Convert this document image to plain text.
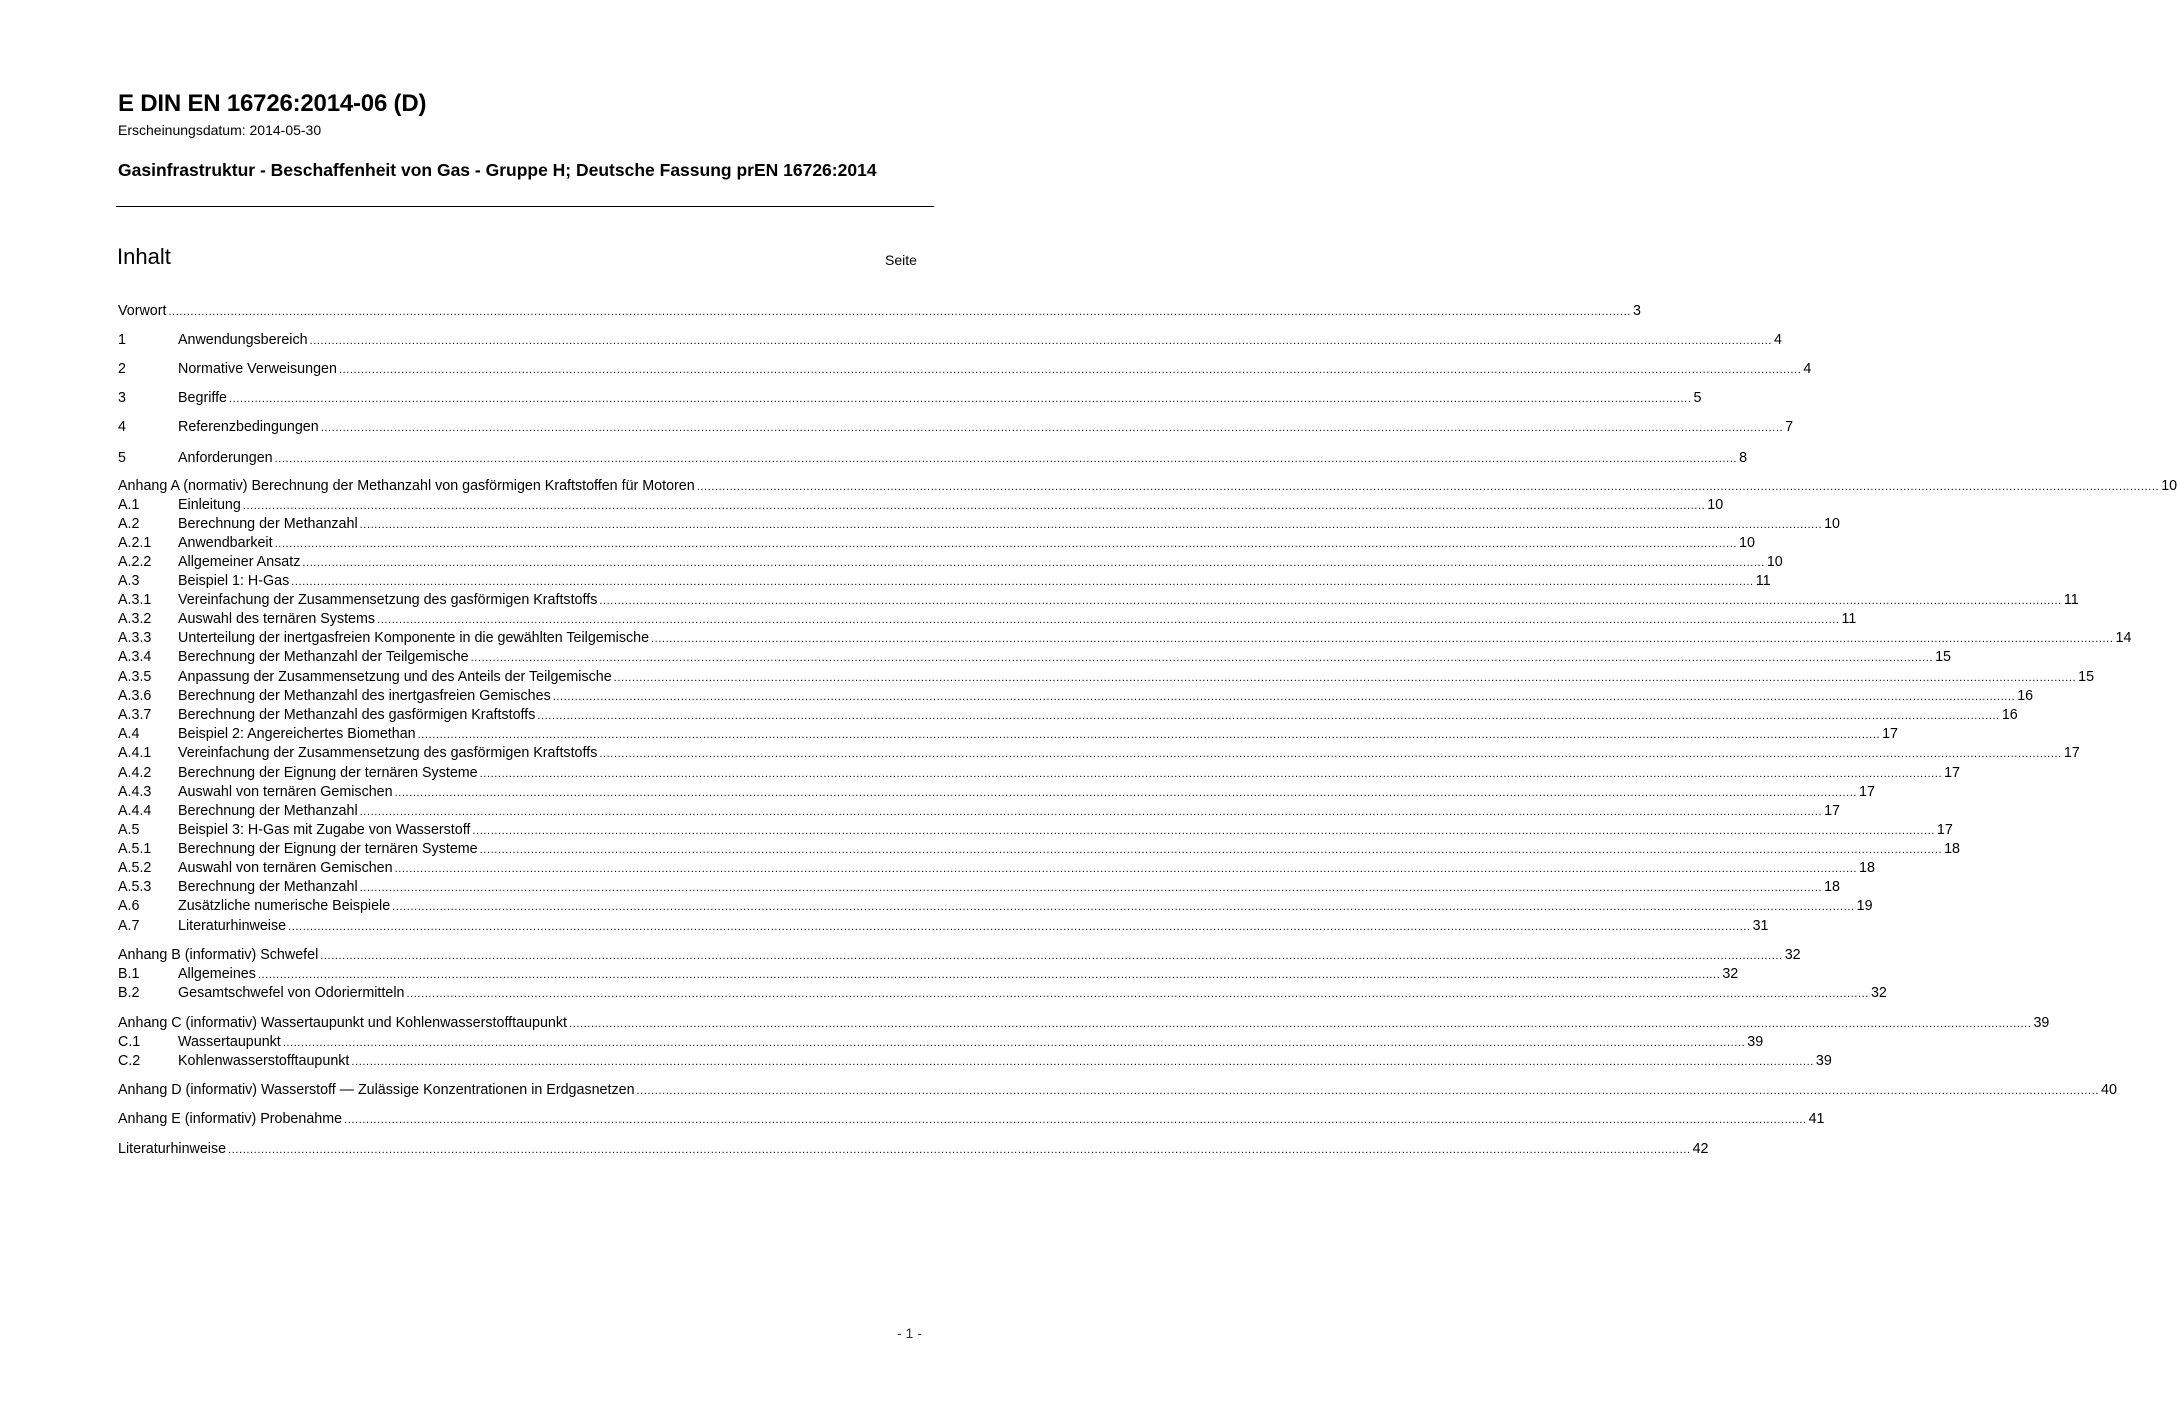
E DIN EN 16726:2014-06 (D)
Erscheinungsdatum: 2014-05-30
Gasinfrastruktur - Beschaffenheit von Gas - Gruppe H; Deutsche Fassung prEN 16726:2014
Inhalt	Seite
Vorwort ................................................................................................................................................................................................................................................................................................................................................................................................................ 3
1	Anwendungsbereich ................................................................................................................................................................................................................................................................................................................................................................................................................ 4
2	Normative Verweisungen ................................................................................................................................................................................................................................................................................................................................................................................................................ 4
3	Begriffe ................................................................................................................................................................................................................................................................................................................................................................................................................ 5
4	Referenzbedingungen ................................................................................................................................................................................................................................................................................................................................................................................................................ 7
5	Anforderungen ................................................................................................................................................................................................................................................................................................................................................................................................................ 8
Anhang A (normativ) Berechnung der Methanzahl von gasförmigen Kraftstoffen für Motoren ................................................................................................................................................................................................................................................................................................................................................................................................................ 10
A.1	Einleitung ................................................................................................................................................................................................................................................................................................................................................................................................................ 10
A.2	Berechnung der Methanzahl ................................................................................................................................................................................................................................................................................................................................................................................................................ 10
A.2.1	Anwendbarkeit ................................................................................................................................................................................................................................................................................................................................................................................................................ 10
A.2.2	Allgemeiner Ansatz ................................................................................................................................................................................................................................................................................................................................................................................................................ 10
A.3	Beispiel 1: H-Gas ................................................................................................................................................................................................................................................................................................................................................................................................................ 11
A.3.1	Vereinfachung der Zusammensetzung des gasförmigen Kraftstoffs ................................................................................................................................................................................................................................................................................................................................................................................................................ 11
A.3.2	Auswahl des ternären Systems ................................................................................................................................................................................................................................................................................................................................................................................................................ 11
A.3.3	Unterteilung der inertgasfreien Komponente in die gewählten Teilgemische ................................................................................................................................................................................................................................................................................................................................................................................................................ 14
A.3.4	Berechnung der Methanzahl der Teilgemische ................................................................................................................................................................................................................................................................................................................................................................................................................ 15
A.3.5	Anpassung der Zusammensetzung und des Anteils der Teilgemische ................................................................................................................................................................................................................................................................................................................................................................................................................ 15
A.3.6	Berechnung der Methanzahl des inertgasfreien Gemisches ................................................................................................................................................................................................................................................................................................................................................................................................................ 16
A.3.7	Berechnung der Methanzahl des gasförmigen Kraftstoffs ................................................................................................................................................................................................................................................................................................................................................................................................................ 16
A.4	Beispiel 2: Angereichertes Biomethan ................................................................................................................................................................................................................................................................................................................................................................................................................ 17
A.4.1	Vereinfachung der Zusammensetzung des gasförmigen Kraftstoffs ................................................................................................................................................................................................................................................................................................................................................................................................................ 17
A.4.2	Berechnung der Eignung der ternären Systeme ................................................................................................................................................................................................................................................................................................................................................................................................................ 17
A.4.3	Auswahl von ternären Gemischen ................................................................................................................................................................................................................................................................................................................................................................................................................ 17
A.4.4	Berechnung der Methanzahl ................................................................................................................................................................................................................................................................................................................................................................................................................ 17
A.5	Beispiel 3: H-Gas mit Zugabe von Wasserstoff ................................................................................................................................................................................................................................................................................................................................................................................................................ 17
A.5.1	Berechnung der Eignung der ternären Systeme ................................................................................................................................................................................................................................................................................................................................................................................................................ 18
A.5.2	Auswahl von ternären Gemischen ................................................................................................................................................................................................................................................................................................................................................................................................................ 18
A.5.3	Berechnung der Methanzahl ................................................................................................................................................................................................................................................................................................................................................................................................................ 18
A.6	Zusätzliche numerische Beispiele ................................................................................................................................................................................................................................................................................................................................................................................................................ 19
A.7	Literaturhinweise ................................................................................................................................................................................................................................................................................................................................................................................................................ 31
Anhang B (informativ) Schwefel ................................................................................................................................................................................................................................................................................................................................................................................................................ 32
B.1	Allgemeines ................................................................................................................................................................................................................................................................................................................................................................................................................ 32
B.2	Gesamtschwefel von Odoriermitteln ................................................................................................................................................................................................................................................................................................................................................................................................................ 32
Anhang C (informativ) Wassertaupunkt und Kohlenwasserstofftaupunkt ................................................................................................................................................................................................................................................................................................................................................................................................................ 39
C.1	Wassertaupunkt ................................................................................................................................................................................................................................................................................................................................................................................................................ 39
C.2	Kohlenwasserstofftaupunkt ................................................................................................................................................................................................................................................................................................................................................................................................................ 39
Anhang D (informativ) Wasserstoff — Zulässige Konzentrationen in Erdgasnetzen ................................................................................................................................................................................................................................................................................................................................................................................................................ 40
Anhang E (informativ) Probenahme ................................................................................................................................................................................................................................................................................................................................................................................................................ 41
Literaturhinweise ................................................................................................................................................................................................................................................................................................................................................................................................................ 42
- 1 -
